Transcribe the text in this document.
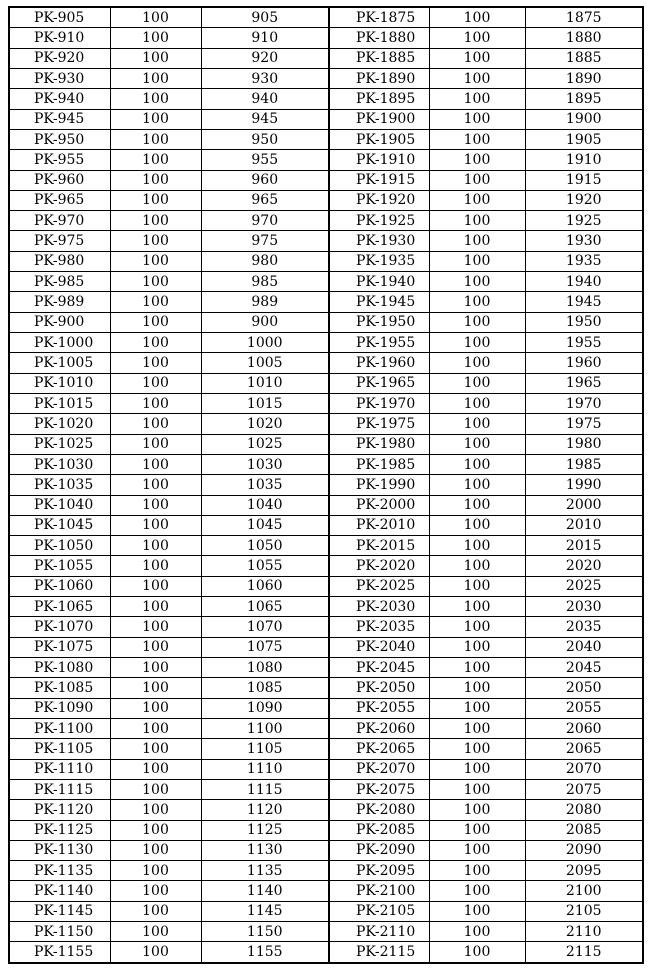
PK-905	100	905	PK-1875	100	1875
PK-910	100	910	PK-1880	100	1880
PK-920	100	920	PK-1885	100	1885
PK-930	100	930	PK-1890	100	1890
PK-940	100	940	PK-1895	100	1895
PK-945	100	945	PK-1900	100	1900
PK-950	100	950	PK-1905	100	1905
PK-955	100	955	PK-1910	100	1910
PK-960	100	960	PK-1915	100	1915
PK-965	100	965	PK-1920	100	1920
PK-970	100	970	PK-1925	100	1925
PK-975	100	975	PK-1930	100	1930
PK-980	100	980	PK-1935	100	1935
PK-985	100	985	PK-1940	100	1940
PK-989	100	989	PK-1945	100	1945
PK-900	100	900	PK-1950	100	1950
PK-1000	100	1000	PK-1955	100	1955
PK-1005	100	1005	PK-1960	100	1960
PK-1010	100	1010	PK-1965	100	1965
PK-1015	100	1015	PK-1970	100	1970
PK-1020	100	1020	PK-1975	100	1975
PK-1025	100	1025	PK-1980	100	1980
PK-1030	100	1030	PK-1985	100	1985
PK-1035	100	1035	PK-1990	100	1990
PK-1040	100	1040	PK-2000	100	2000
PK-1045	100	1045	PK-2010	100	2010
PK-1050	100	1050	PK-2015	100	2015
PK-1055	100	1055	PK-2020	100	2020
PK-1060	100	1060	PK-2025	100	2025
PK-1065	100	1065	PK-2030	100	2030
PK-1070	100	1070	PK-2035	100	2035
PK-1075	100	1075	PK-2040	100	2040
PK-1080	100	1080	PK-2045	100	2045
PK-1085	100	1085	PK-2050	100	2050
PK-1090	100	1090	PK-2055	100	2055
PK-1100	100	1100	PK-2060	100	2060
PK-1105	100	1105	PK-2065	100	2065
PK-1110	100	1110	PK-2070	100	2070
PK-1115	100	1115	PK-2075	100	2075
PK-1120	100	1120	PK-2080	100	2080
PK-1125	100	1125	PK-2085	100	2085
PK-1130	100	1130	PK-2090	100	2090
PK-1135	100	1135	PK-2095	100	2095
PK-1140	100	1140	PK-2100	100	2100
PK-1145	100	1145	PK-2105	100	2105
PK-1150	100	1150	PK-2110	100	2110
PK-1155	100	1155	PK-2115	100	2115
